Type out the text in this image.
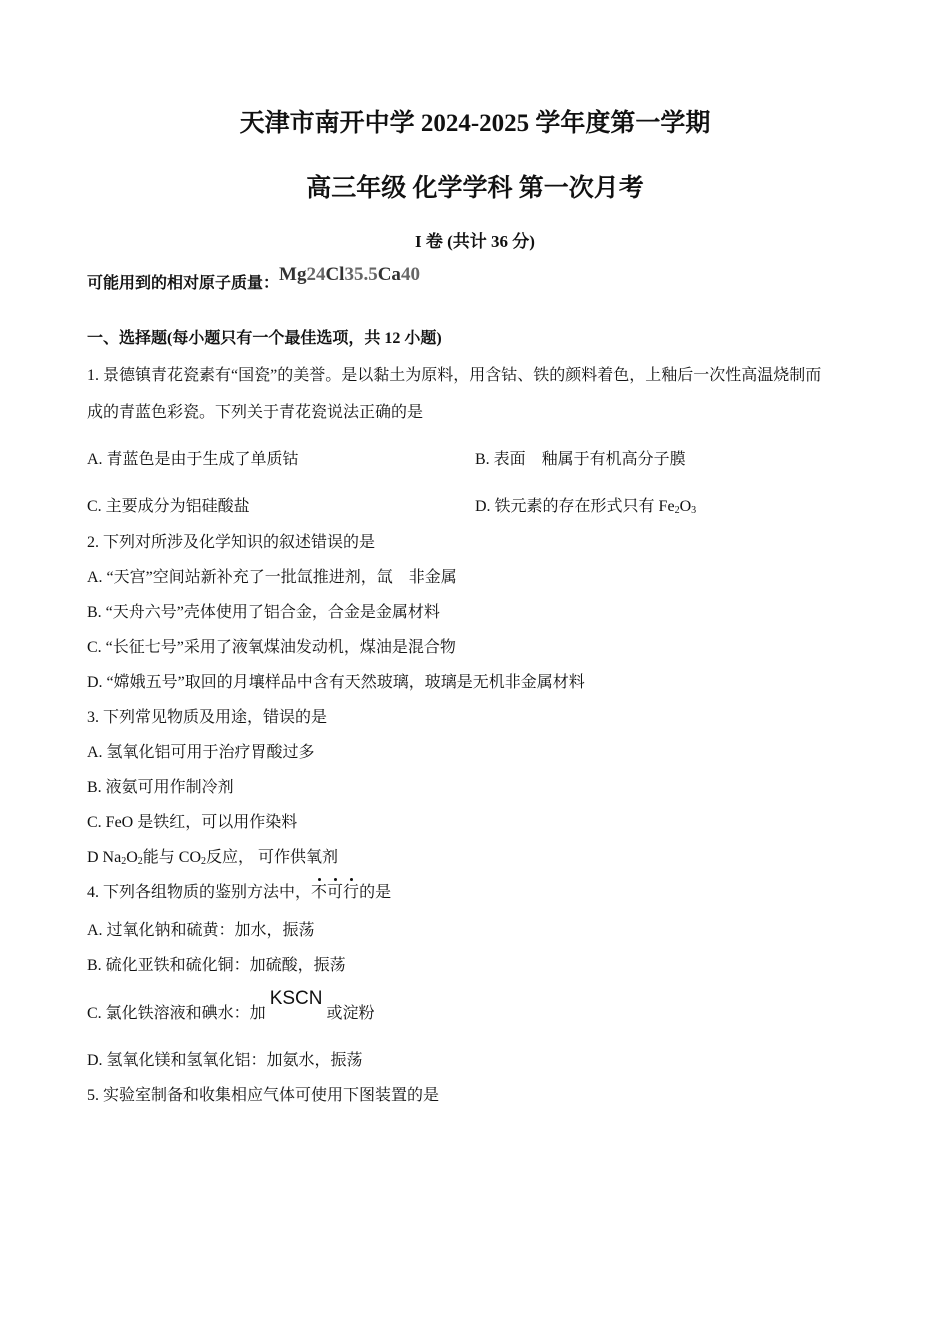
天津市南开中学 2024-2025 学年度第一学期
高三年级 化学学科 第一次月考
I 卷 (共计 36 分)
可能用到的相对原子质量：Mg24Cl35.5Ca40
一、选择题(每小题只有一个最佳选项，共 12 小题)
1. 景德镇青花瓷素有“国瓷”的美誉。是以黏土为原料，用含钴、铁的颜料着色，上釉后一次性高温烧制而
成的青蓝色彩瓷。下列关于青花瓷说法正确的是
A. 青蓝色是由于生成了单质钴	B. 表面　釉属于有机高分子膜
C. 主要成分为铝硅酸盐	D. 铁元素的存在形式只有 $Fe_2O_3$
2. 下列对所涉及化学知识的叙述错误的是
A. “天宫”空间站新补充了一批氙推进剂，氙　非金属
B. “天舟六号”壳体使用了铝合金，合金是金属材料
C. “长征七号”采用了液氧煤油发动机，煤油是混合物
D. “嫦娥五号”取回的月壤样品中含有天然玻璃，玻璃是无机非金属材料
3. 下列常见物质及用途，错误的是
A. 氢氧化铝可用于治疗胃酸过多
B. 液氨可用作制冷剂
C. FeO 是铁红，可以用作染料
D $Na_2O_2$能与 $CO_2$反应， 可作供氧剂
4. 下列各组物质的鉴别方法中，不可行的是
A. 过氧化钠和硫黄：加水，振荡
B. 硫化亚铁和硫化铜：加硫酸，振荡
C. 氯化铁溶液和碘水：加KSCN或淀粉
D. 氢氧化镁和氢氧化铝：加氨水，振荡
5. 实验室制备和收集相应气体可使用下图装置的是
